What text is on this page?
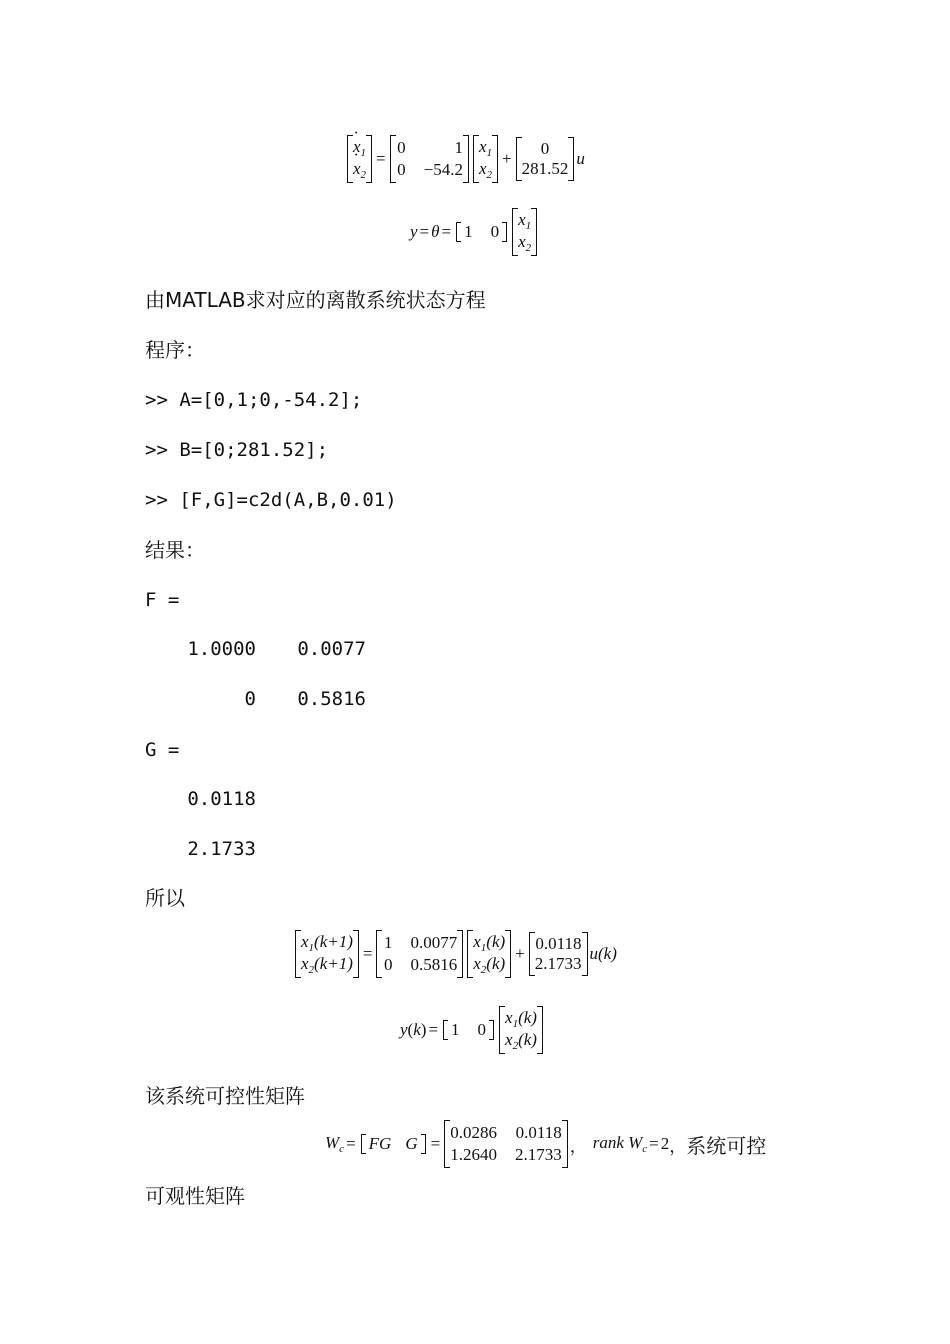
· $x_1$
· $x_2$
=
0	1
0 −54.2
$x_1$
$x_2$
+
0
281.52
u
y = θ = 1 0
$x_1$
$x_2$
由MATLAB求对应的离散系统状态方程
程序：
>> A=[0,1;0,-54.2];
>> B=[0;281.52];
>> [F,G]=c2d(A,B,0.01)
结果：
F =
1.0000	0.0077
0	0.5816
G =
0.0118
2.1733
所以
$x_1(k+1)$
$x_2(k+1)$
=
1 0.0077
0 0.5816
$x_1(k)$
$x_2(k)$
+
0.0118
2.1733
u(k)
y ( k ) = 1 0
$x_1(k)$
$x_2(k)$
该系统可控性矩阵
$W_c$ = FG G =
0.0286 0.0118
1.2640 2.1733 ， rank $W_c = 2$ ， 系统可控
可观性矩阵
